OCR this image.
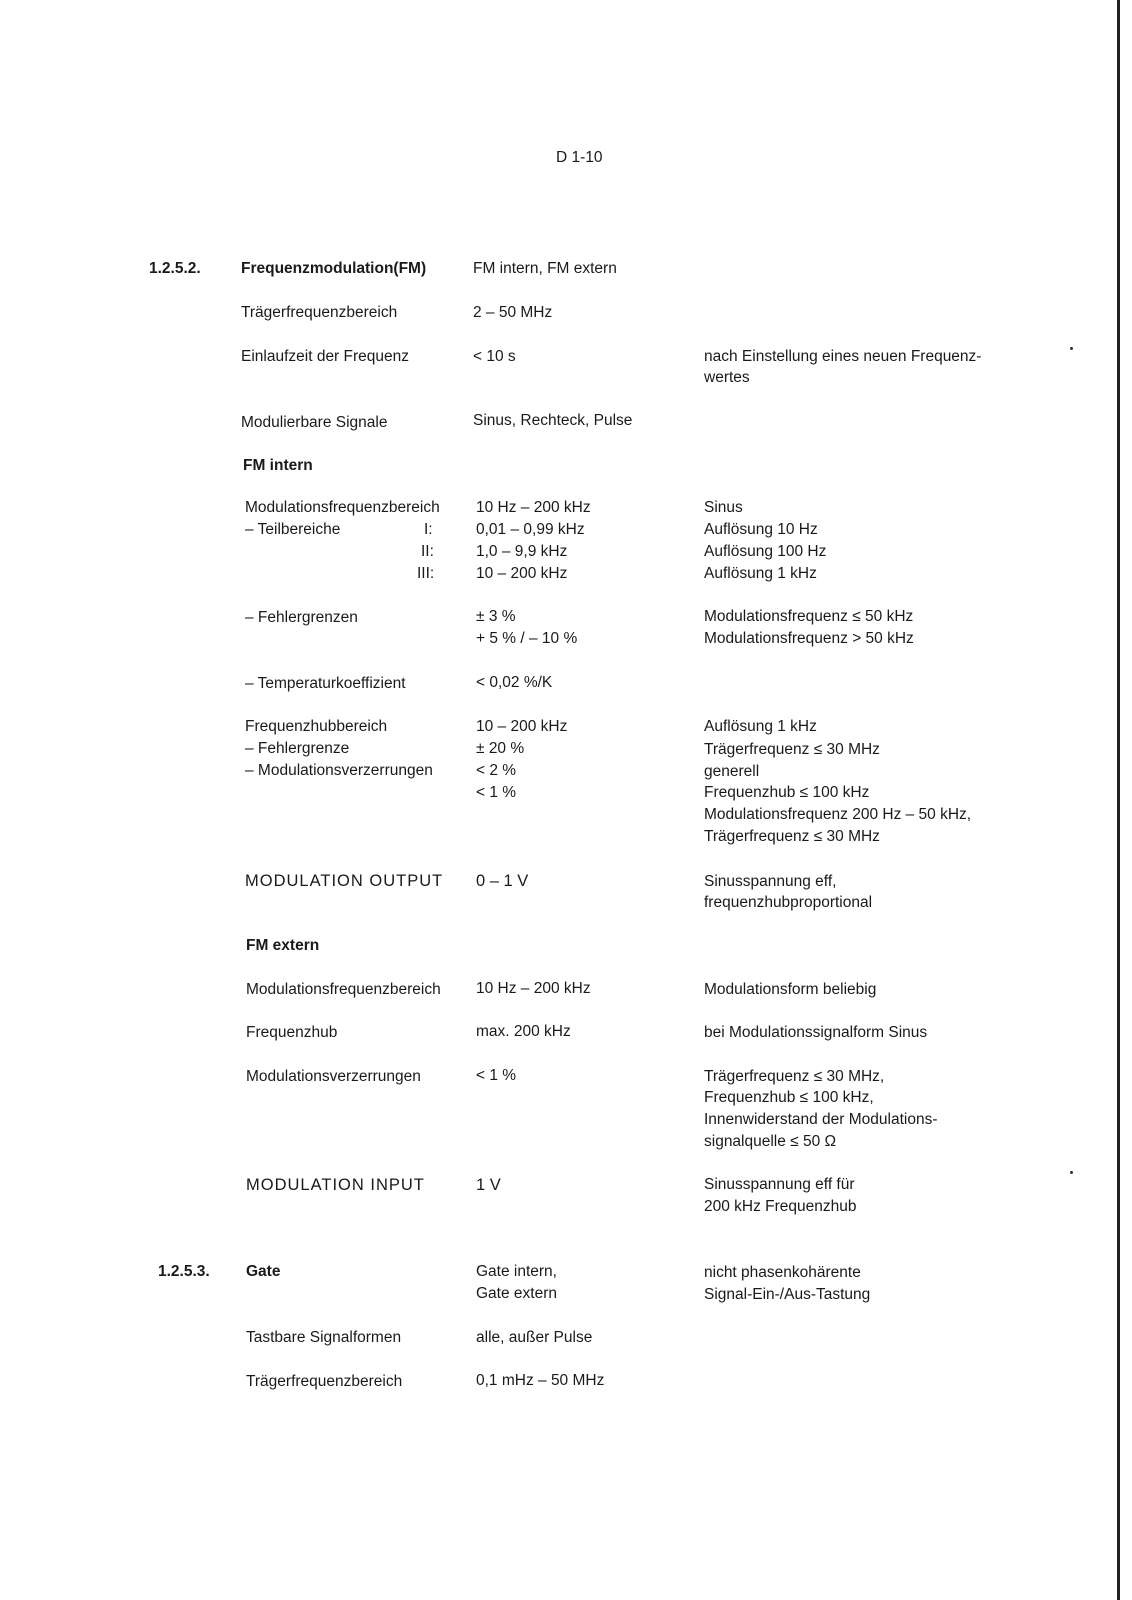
D 1-10
1.2.5.2.	Frequenzmodulation(FM)	FM intern, FM extern
Trägerfrequenzbereich	2 – 50 MHz
Einlaufzeit der Frequenz	< 10 s	nach Einstellung eines neuen Frequenz-
wertes
Modulierbare Signale	Sinus, Rechteck, Pulse
FM intern
Modulationsfrequenzbereich 10 Hz – 200 kHz	Sinus
– Teilbereiche	I:	0,01 – 0,99 kHz	Auflösung 10 Hz
II:	1,0 – 9,9 kHz	Auflösung 100 Hz
III:	10 – 200 kHz	Auflösung 1 kHz
– Fehlergrenzen	± 3 %	Modulationsfrequenz ≤ 50 kHz
+ 5 % / – 10 %	Modulationsfrequenz > 50 kHz
– Temperaturkoeffizient	< 0,02 %/K
Frequenzhubbereich	10 – 200 kHz	Auflösung 1 kHz
– Fehlergrenze	± 20 %	Trägerfrequenz ≤ 30 MHz
– Modulationsverzerrungen	< 2 %	generell
< 1 %	Frequenzhub ≤ 100 kHz
Modulationsfrequenz 200 Hz – 50 kHz,
Trägerfrequenz ≤ 30 MHz
MODULATION OUTPUT 0 – 1 V	Sinusspannung eff,
frequenzhubproportional
FM extern
Modulationsfrequenzbereich 10 Hz – 200 kHz	Modulationsform beliebig
Frequenzhub	max. 200 kHz	bei Modulationssignalform Sinus
Modulationsverzerrungen	< 1 %	Trägerfrequenz ≤ 30 MHz,
Frequenzhub ≤ 100 kHz,
Innenwiderstand der Modulations-
signalquelle ≤ 50 Ω
MODULATION INPUT	1 V	Sinusspannung eff für
200 kHz Frequenzhub
1.2.5.3. Gate	Gate intern,
Gate extern
nicht phasenkohärente
Signal-Ein-/Aus-Tastung
Tastbare Signalformen	alle, außer Pulse
Trägerfrequenzbereich	0,1 mHz – 50 MHz
